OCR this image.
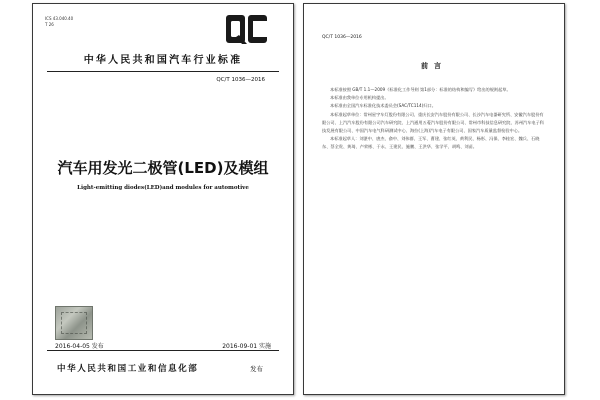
ICS 43.040.40
T 26
中华人民共和国汽车行业标准
QC/T 1036—2016
汽车用发光二极管(LED)及模组
Light-emitting diodes(LED)and modules for automotive
2016-04-05 发布	2016-09-01 实施
中华人民共和国工业和信息化部	发布
QC/T 1036—2016
前言

本标准按照 GB/T 1.1—2009《标准化工作导则 第1部分：标准的结构和编写》给出的规则起草。

本标准由我单位专用机构提出。

本标准由全国汽车标准化技术委员会(SAC/TC114)归口。

本标准起草单位：常州星宇车灯股份有限公司、重庆长安汽车股份有限公司、长沙汽车电器研究所、安徽汽车股份有限公司、上汽汽车股份有限公司汽车研究院、上汽通用五菱汽车股份有限公司、常州市科技信息研究院、苏州汽车电子科技发展有限公司、中国汽车电气科研测试中心、海拉(上海)汽车电子有限公司、国家汽车质量监督检验中心。

本标准起草人：刘湛中、唐杰、俞中、刘伟群、王军、曹建、张红英、黄利民、杨彤、冯保、李桂宏、魏兵、石晓东、蔡全贵、黄琦、卢荣彬、于永、王建民、施鹏、王洪华、张学平、胡鸣、刘苗。
